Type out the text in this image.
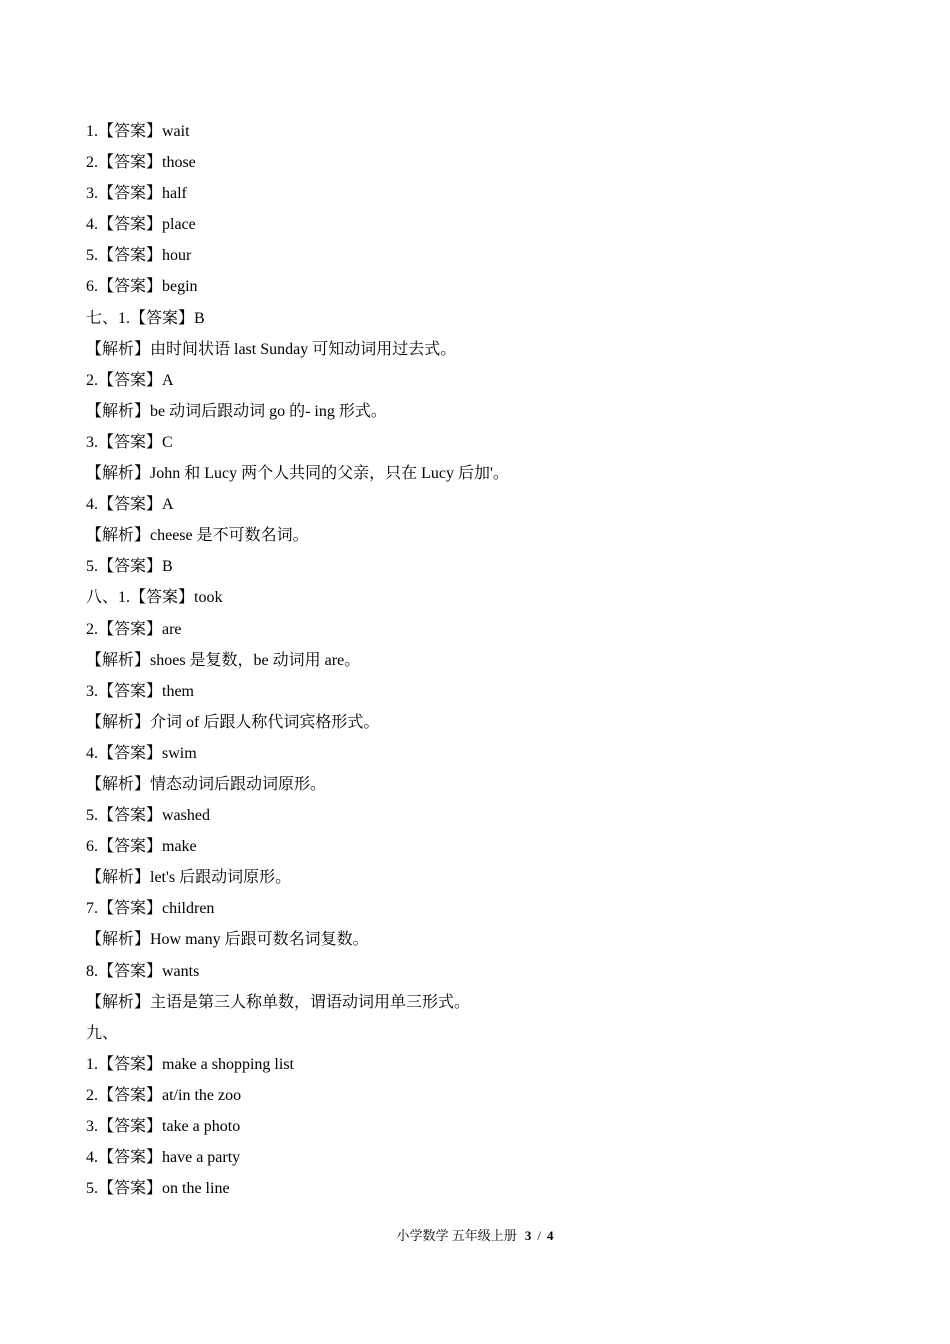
1.【答案】wait
2.【答案】those
3.【答案】half
4.【答案】place
5.【答案】hour
6.【答案】begin
七、1.【答案】B
【解析】由时间状语 last Sunday 可知动词用过去式。
2.【答案】A
【解析】be 动词后跟动词 go 的- ing 形式。
3.【答案】C
【解析】John 和 Lucy 两个人共同的父亲，只在 Lucy 后加'。
4.【答案】A
【解析】cheese 是不可数名词。
5.【答案】B
八、1.【答案】took
2.【答案】are
【解析】shoes 是复数，be 动词用 are。
3.【答案】them
【解析】介词 of 后跟人称代词宾格形式。
4.【答案】swim
【解析】情态动词后跟动词原形。
5.【答案】washed
6.【答案】make
【解析】let's 后跟动词原形。
7.【答案】children
【解析】How many 后跟可数名词复数。
8.【答案】wants
【解析】主语是第三人称单数，谓语动词用单三形式。
九、
1.【答案】make a shopping list
2.【答案】at/in the zoo
3.【答案】take a photo
4.【答案】have a party
5.【答案】on the line
小学数学 五年级上册 3 / 4
